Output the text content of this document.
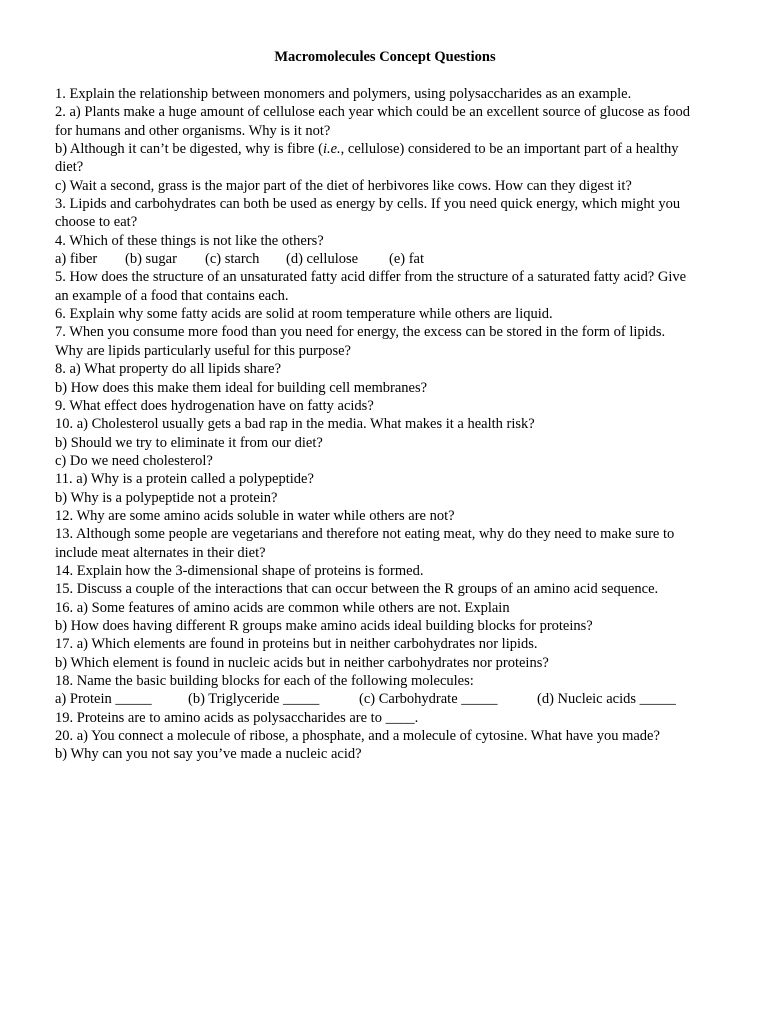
Macromolecules Concept Questions
1. Explain the relationship between monomers and polymers, using polysaccharides as an example.
2. a) Plants make a huge amount of cellulose each year which could be an excellent source of glucose as food
for humans and other organisms. Why is it not?
b) Although it can’t be digested, why is fibre (i.e., cellulose) considered to be an important part of a healthy
diet?
c) Wait a second, grass is the major part of the diet of herbivores like cows. How can they digest it?
3. Lipids and carbohydrates can both be used as energy by cells. If you need quick energy, which might you
choose to eat?
4. Which of these things is not like the others?
a) fiber (b) sugar (c) starch (d) cellulose (e) fat
5. How does the structure of an unsaturated fatty acid differ from the structure of a saturated fatty acid? Give
an example of a food that contains each.
6. Explain why some fatty acids are solid at room temperature while others are liquid.
7. When you consume more food than you need for energy, the excess can be stored in the form of lipids.
Why are lipids particularly useful for this purpose?
8. a) What property do all lipids share?
b) How does this make them ideal for building cell membranes?
9. What effect does hydrogenation have on fatty acids?
10. a) Cholesterol usually gets a bad rap in the media. What makes it a health risk?
b) Should we try to eliminate it from our diet?
c) Do we need cholesterol?
11. a) Why is a protein called a polypeptide?
b) Why is a polypeptide not a protein?
12. Why are some amino acids soluble in water while others are not?
13. Although some people are vegetarians and therefore not eating meat, why do they need to make sure to
include meat alternates in their diet?
14. Explain how the 3-dimensional shape of proteins is formed.
15. Discuss a couple of the interactions that can occur between the R groups of an amino acid sequence.
16. a) Some features of amino acids are common while others are not. Explain
b) How does having different R groups make amino acids ideal building blocks for proteins?
17. a) Which elements are found in proteins but in neither carbohydrates nor lipids.
b) Which element is found in nucleic acids but in neither carbohydrates nor proteins?
18. Name the basic building blocks for each of the following molecules:
a) Protein _____	(b) Triglyceride _____	(c) Carbohydrate _____	(d) Nucleic acids _____
19. Proteins are to amino acids as polysaccharides are to ____.
20. a) You connect a molecule of ribose, a phosphate, and a molecule of cytosine. What have you made?
b) Why can you not say you’ve made a nucleic acid?
